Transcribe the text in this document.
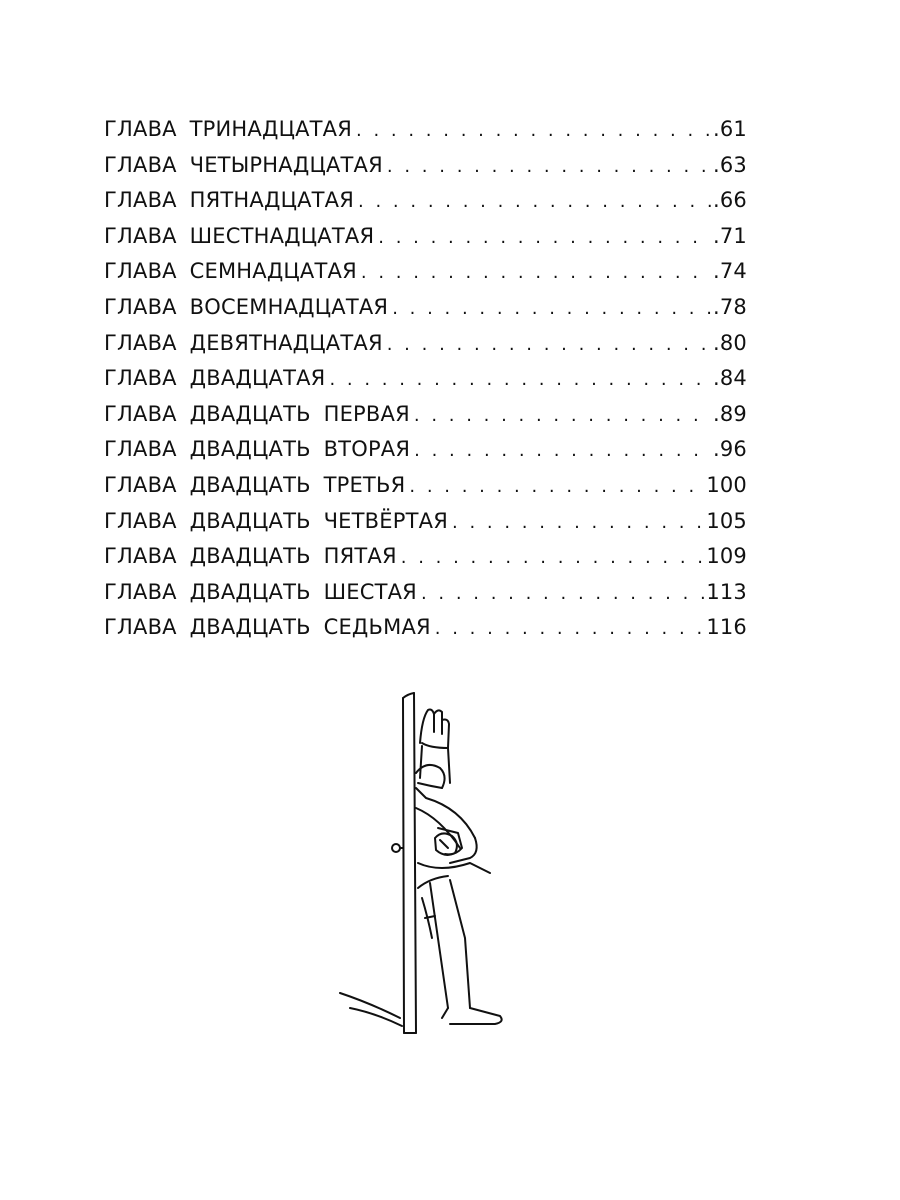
ГЛАВА ТРИНАДЦАТАЯ . . .	.61
ГЛАВА ЧЕТЫРНАДЦАТАЯ . . .	.63
ГЛАВА ПЯТНАДЦАТАЯ . . .	.66
ГЛАВА ШЕСТНАДЦАТАЯ . . .	.71
ГЛАВА СЕМНАДЦАТАЯ . . .	.74
ГЛАВА ВОСЕМНАДЦАТАЯ . . .	.78
ГЛАВА ДЕВЯТНАДЦАТАЯ . . .	.80
ГЛАВА ДВАДЦАТАЯ . . .	.84
ГЛАВА ДВАДЦАТЬ ПЕРВАЯ . . .	.89
ГЛАВА ДВАДЦАТЬ ВТОРАЯ . . .	.96
ГЛАВА ДВАДЦАТЬ ТРЕТЬЯ . . .	100
ГЛАВА ДВАДЦАТЬ ЧЕТВЁРТАЯ . . .	105
ГЛАВА ДВАДЦАТЬ ПЯТАЯ . . .	109
ГЛАВА ДВАДЦАТЬ ШЕСТАЯ . . .	113
ГЛАВА ДВАДЦАТЬ СЕДЬМАЯ . . .	116
